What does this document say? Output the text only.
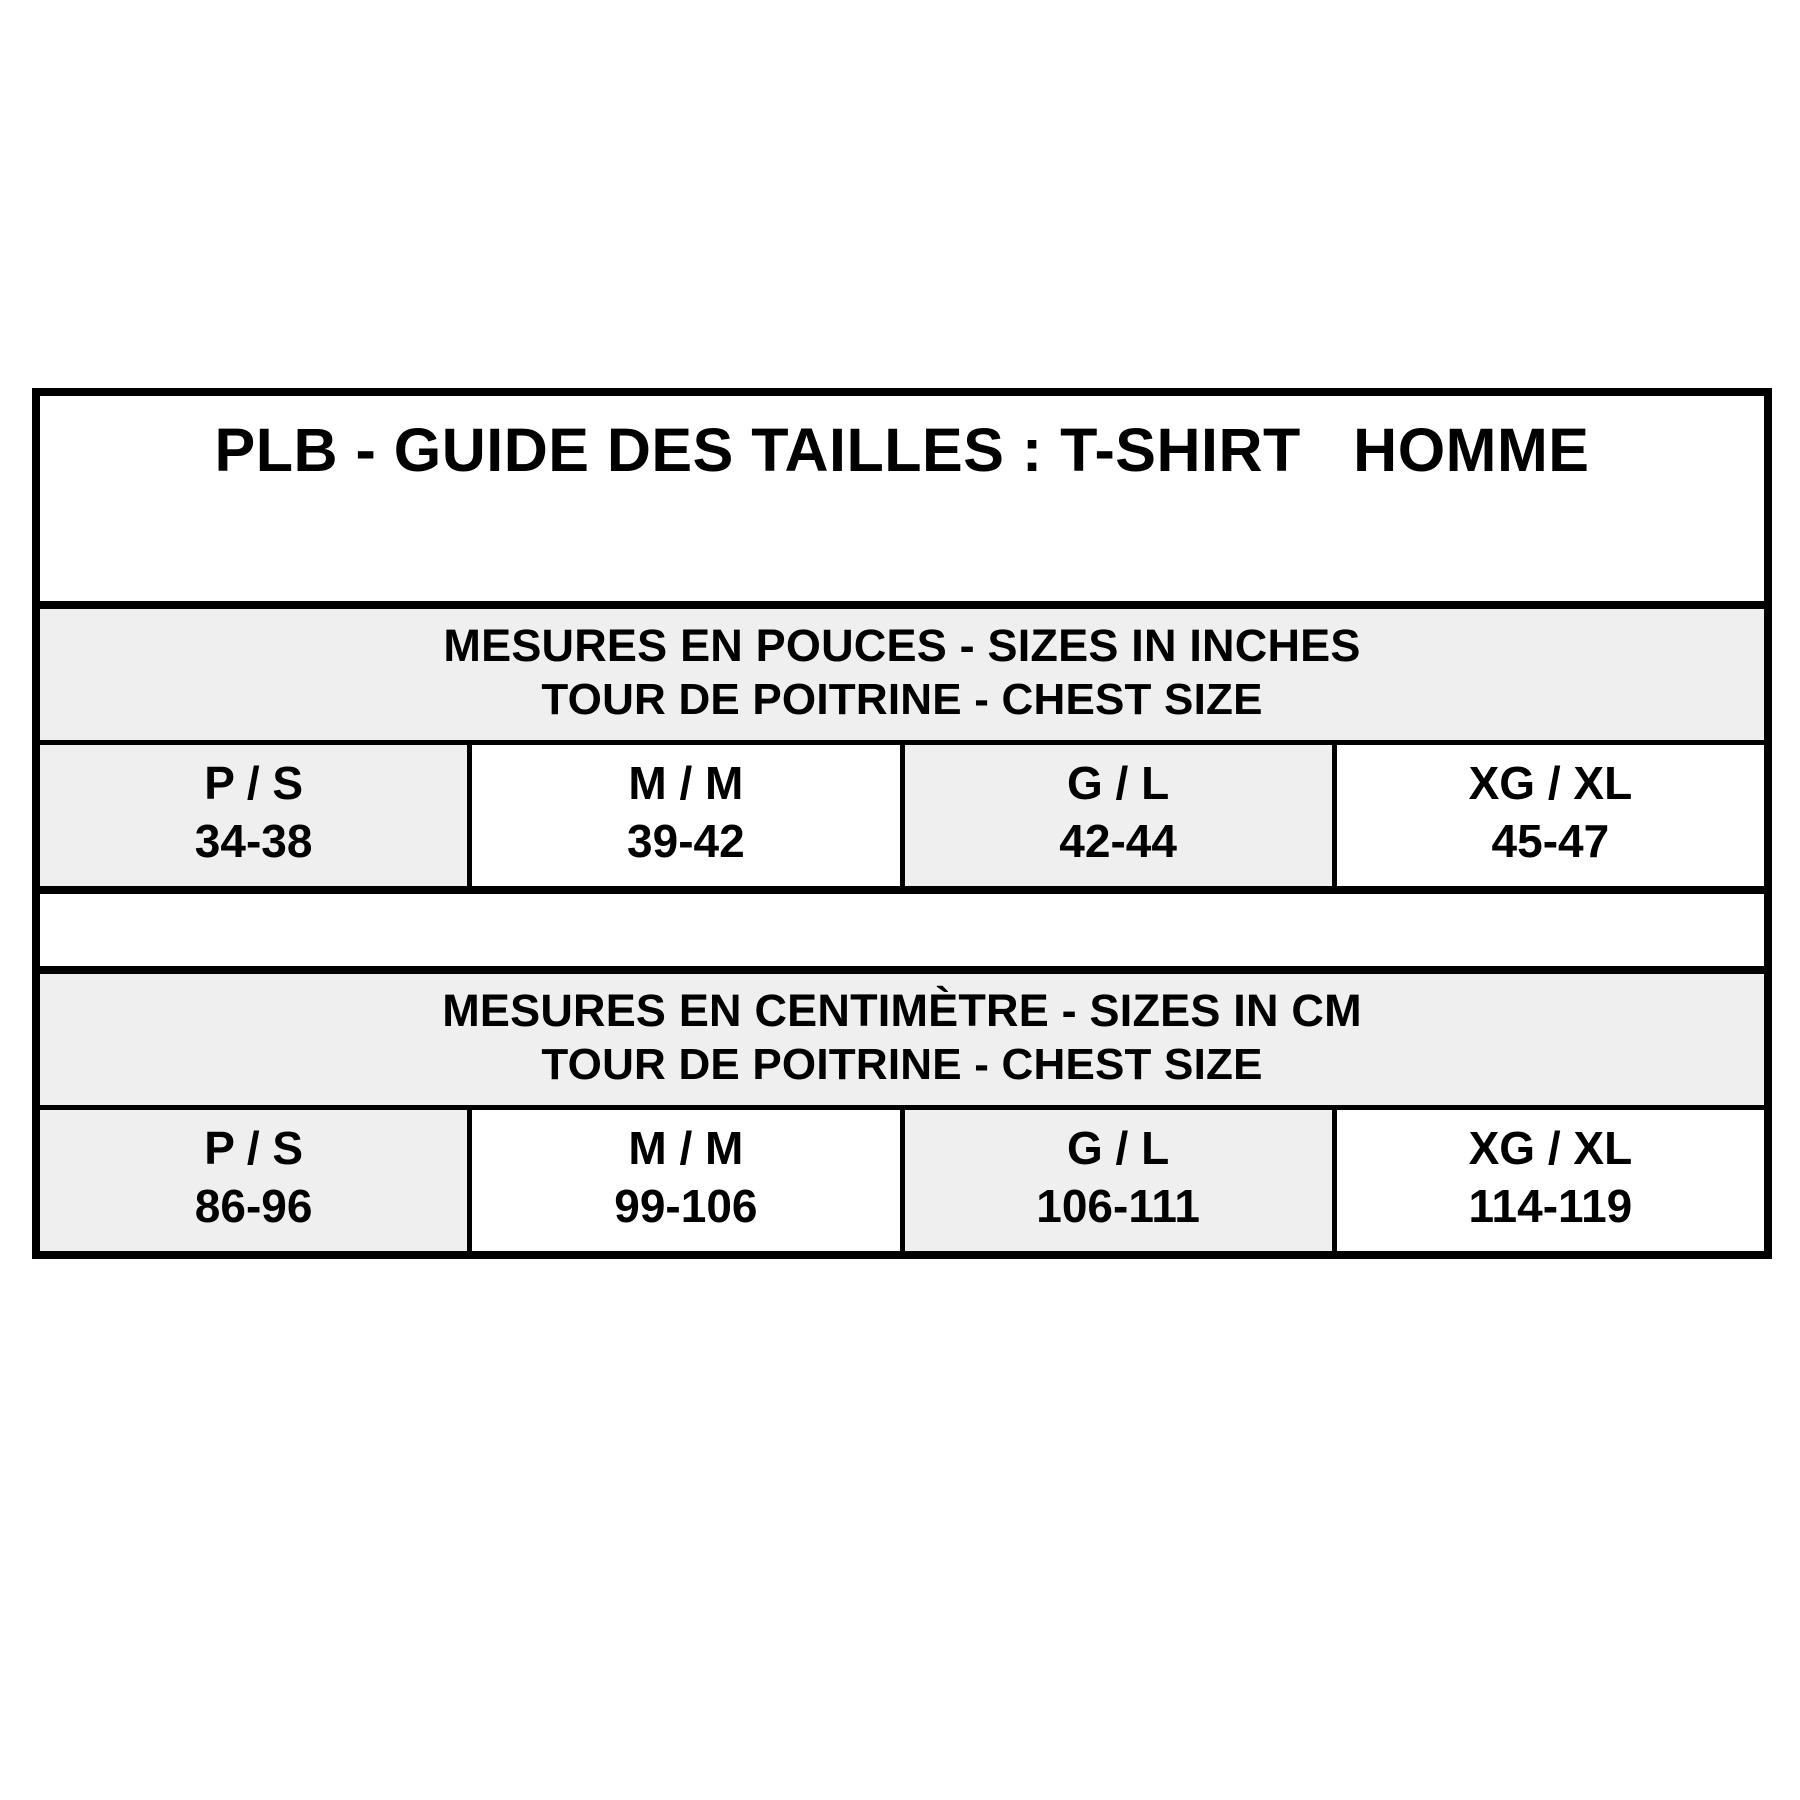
PLB - GUIDE DES TAILLES : T-SHIRT   HOMME
MESURES EN POUCES - SIZES IN INCHES
TOUR DE POITRINE - CHEST SIZE
P / S
34-38
M / M
39-42
G / L
42-44
XG / XL
45-47
MESURES EN CENTIMÈTRE - SIZES IN CM
TOUR DE POITRINE - CHEST SIZE
P / S
86-96
M / M
99-106
G / L
106-111
XG / XL
114-119
